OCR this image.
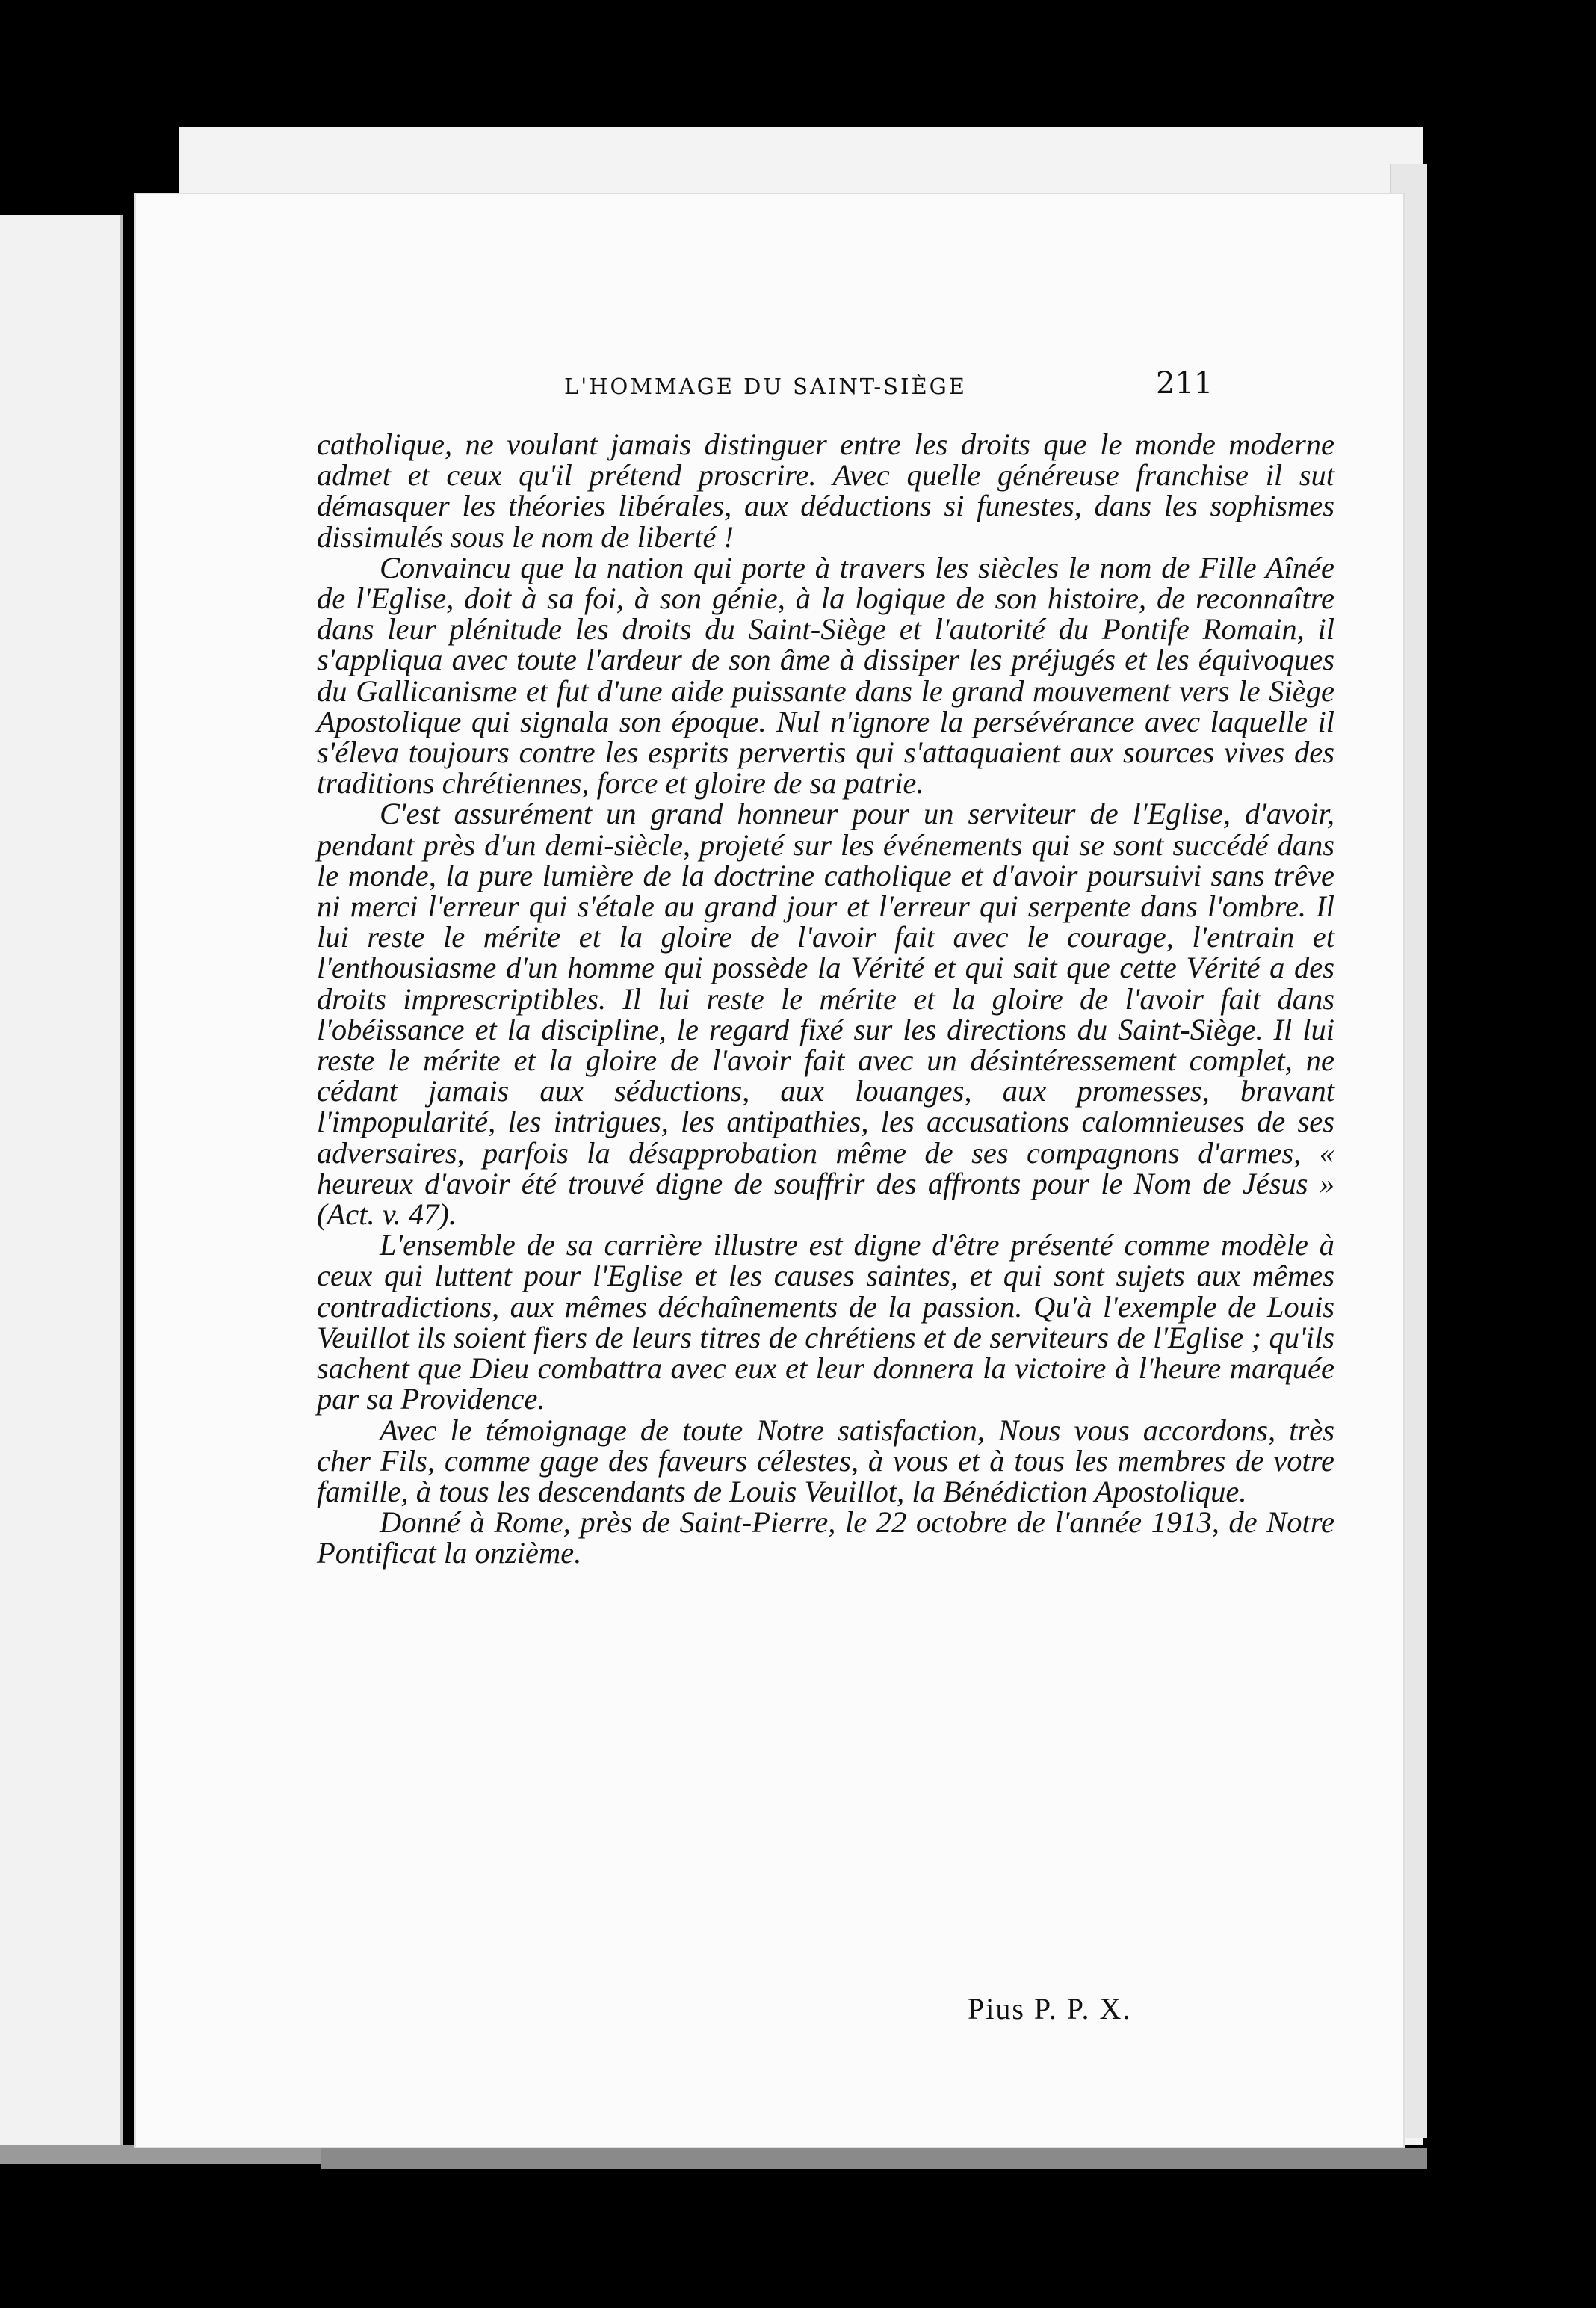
L'HOMMAGE DU SAINT-SIÈGE	211

catholique, ne voulant jamais distinguer entre les droits que le monde moderne admet et ceux qu'il prétend proscrire. Avec quelle généreuse franchise il sut démasquer les théories libérales, aux déductions si funestes, dans les sophismes dissimulés sous le nom de liberté !

Convaincu que la nation qui porte à travers les siècles le nom de Fille Aînée de l'Eglise, doit à sa foi, à son génie, à la logique de son histoire, de reconnaître dans leur plénitude les droits du Saint-Siège et l'autorité du Pontife Romain, il s'appliqua avec toute l'ardeur de son âme à dissiper les préjugés et les équivoques du Gallicanisme et fut d'une aide puissante dans le grand mouvement vers le Siège Apostolique qui signala son époque. Nul n'ignore la persévérance avec laquelle il s'éleva toujours contre les esprits pervertis qui s'attaquaient aux sources vives des traditions chrétiennes, force et gloire de sa patrie.

C'est assurément un grand honneur pour un serviteur de l'Eglise, d'avoir, pendant près d'un demi-siècle, projeté sur les événements qui se sont succédé dans le monde, la pure lumière de la doctrine catholique et d'avoir poursuivi sans trêve ni merci l'erreur qui s'étale au grand jour et l'erreur qui serpente dans l'ombre. Il lui reste le mérite et la gloire de l'avoir fait avec le courage, l'entrain et l'enthousiasme d'un homme qui possède la Vérité et qui sait que cette Vérité a des droits imprescriptibles. Il lui reste le mérite et la gloire de l'avoir fait dans l'obéissance et la discipline, le regard fixé sur les directions du Saint-Siège. Il lui reste le mérite et la gloire de l'avoir fait avec un désintéressement complet, ne cédant jamais aux séductions, aux louanges, aux promesses, bravant l'impopularité, les intrigues, les antipathies, les accusations calomnieuses de ses adversaires, parfois la désapprobation même de ses compagnons d'armes, « heureux d'avoir été trouvé digne de souffrir des affronts pour le Nom de Jésus » (Act. v. 47).

L'ensemble de sa carrière illustre est digne d'être présenté comme modèle à ceux qui luttent pour l'Eglise et les causes saintes, et qui sont sujets aux mêmes contradictions, aux mêmes déchaînements de la passion. Qu'à l'exemple de Louis Veuillot ils soient fiers de leurs titres de chrétiens et de serviteurs de l'Eglise ; qu'ils sachent que Dieu combattra avec eux et leur donnera la victoire à l'heure marquée par sa Providence.

Avec le témoignage de toute Notre satisfaction, Nous vous accordons, très cher Fils, comme gage des faveurs célestes, à vous et à tous les membres de votre famille, à tous les descendants de Louis Veuillot, la Bénédiction Apostolique.

Donné à Rome, près de Saint-Pierre, le 22 octobre de l'année 1913, de Notre Pontificat la onzième.

Pius P. P. X.
